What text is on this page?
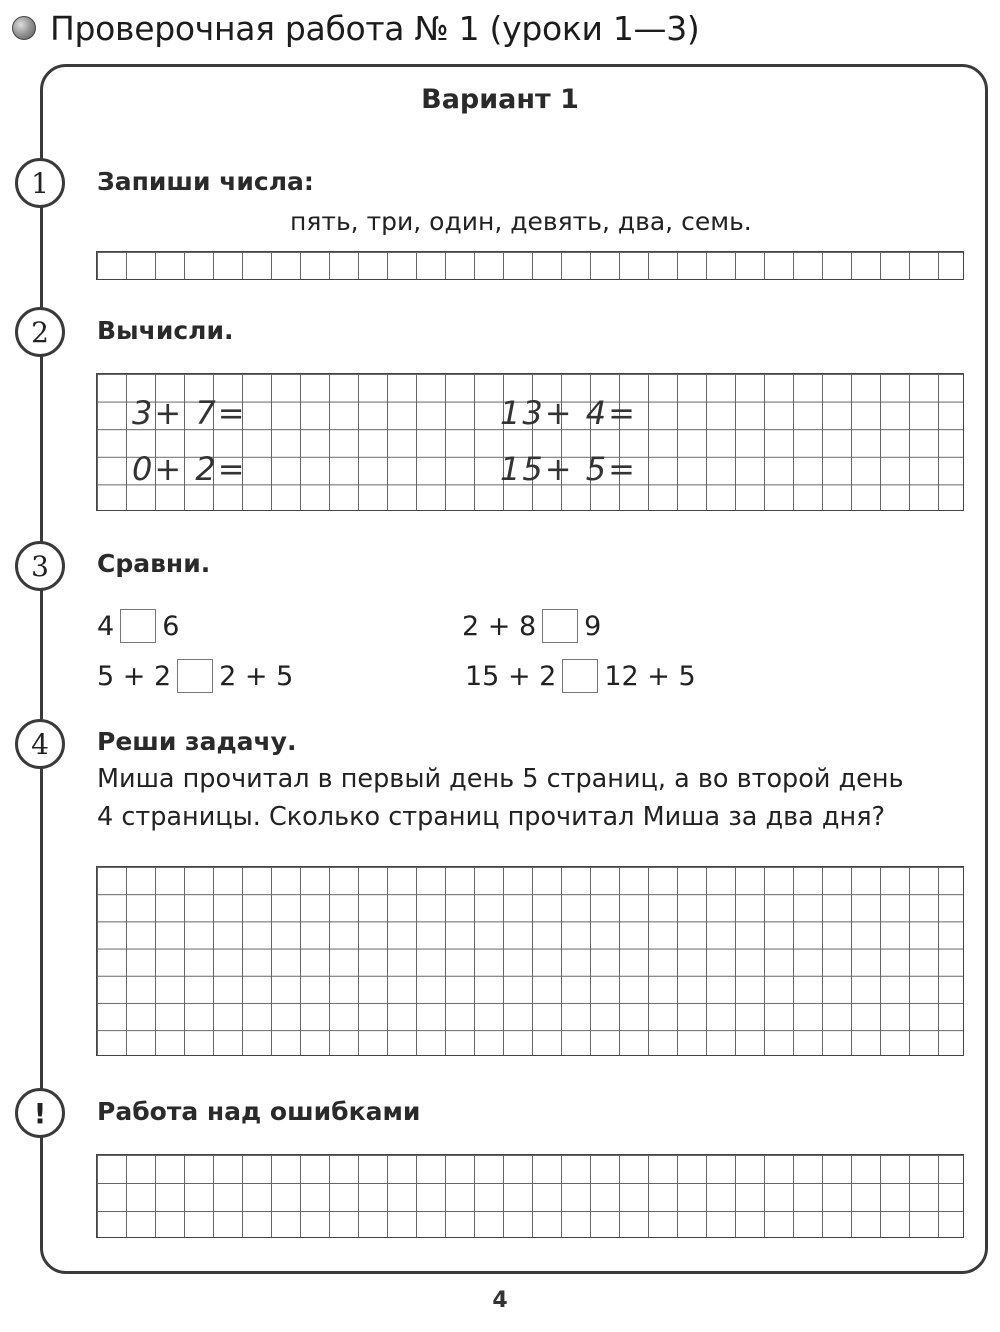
Проверочная работа № 1 (уроки 1—3)
Вариант 1
1	Запиши числа:
пять, три, один, девять, два, семь.
2	Вычисли.
3+ 7=	13+ 4=
0+ 2=	15+ 5=
3	Сравни.
4 6	2 + 8 9
5 + 2 2 + 5	15 + 2 12 + 5
4	Реши задачу.
Миша прочитал в первый день 5 страниц, а во второй день
4 страницы. Сколько страниц прочитал Миша за два дня?
!	Работа над ошибками
4
